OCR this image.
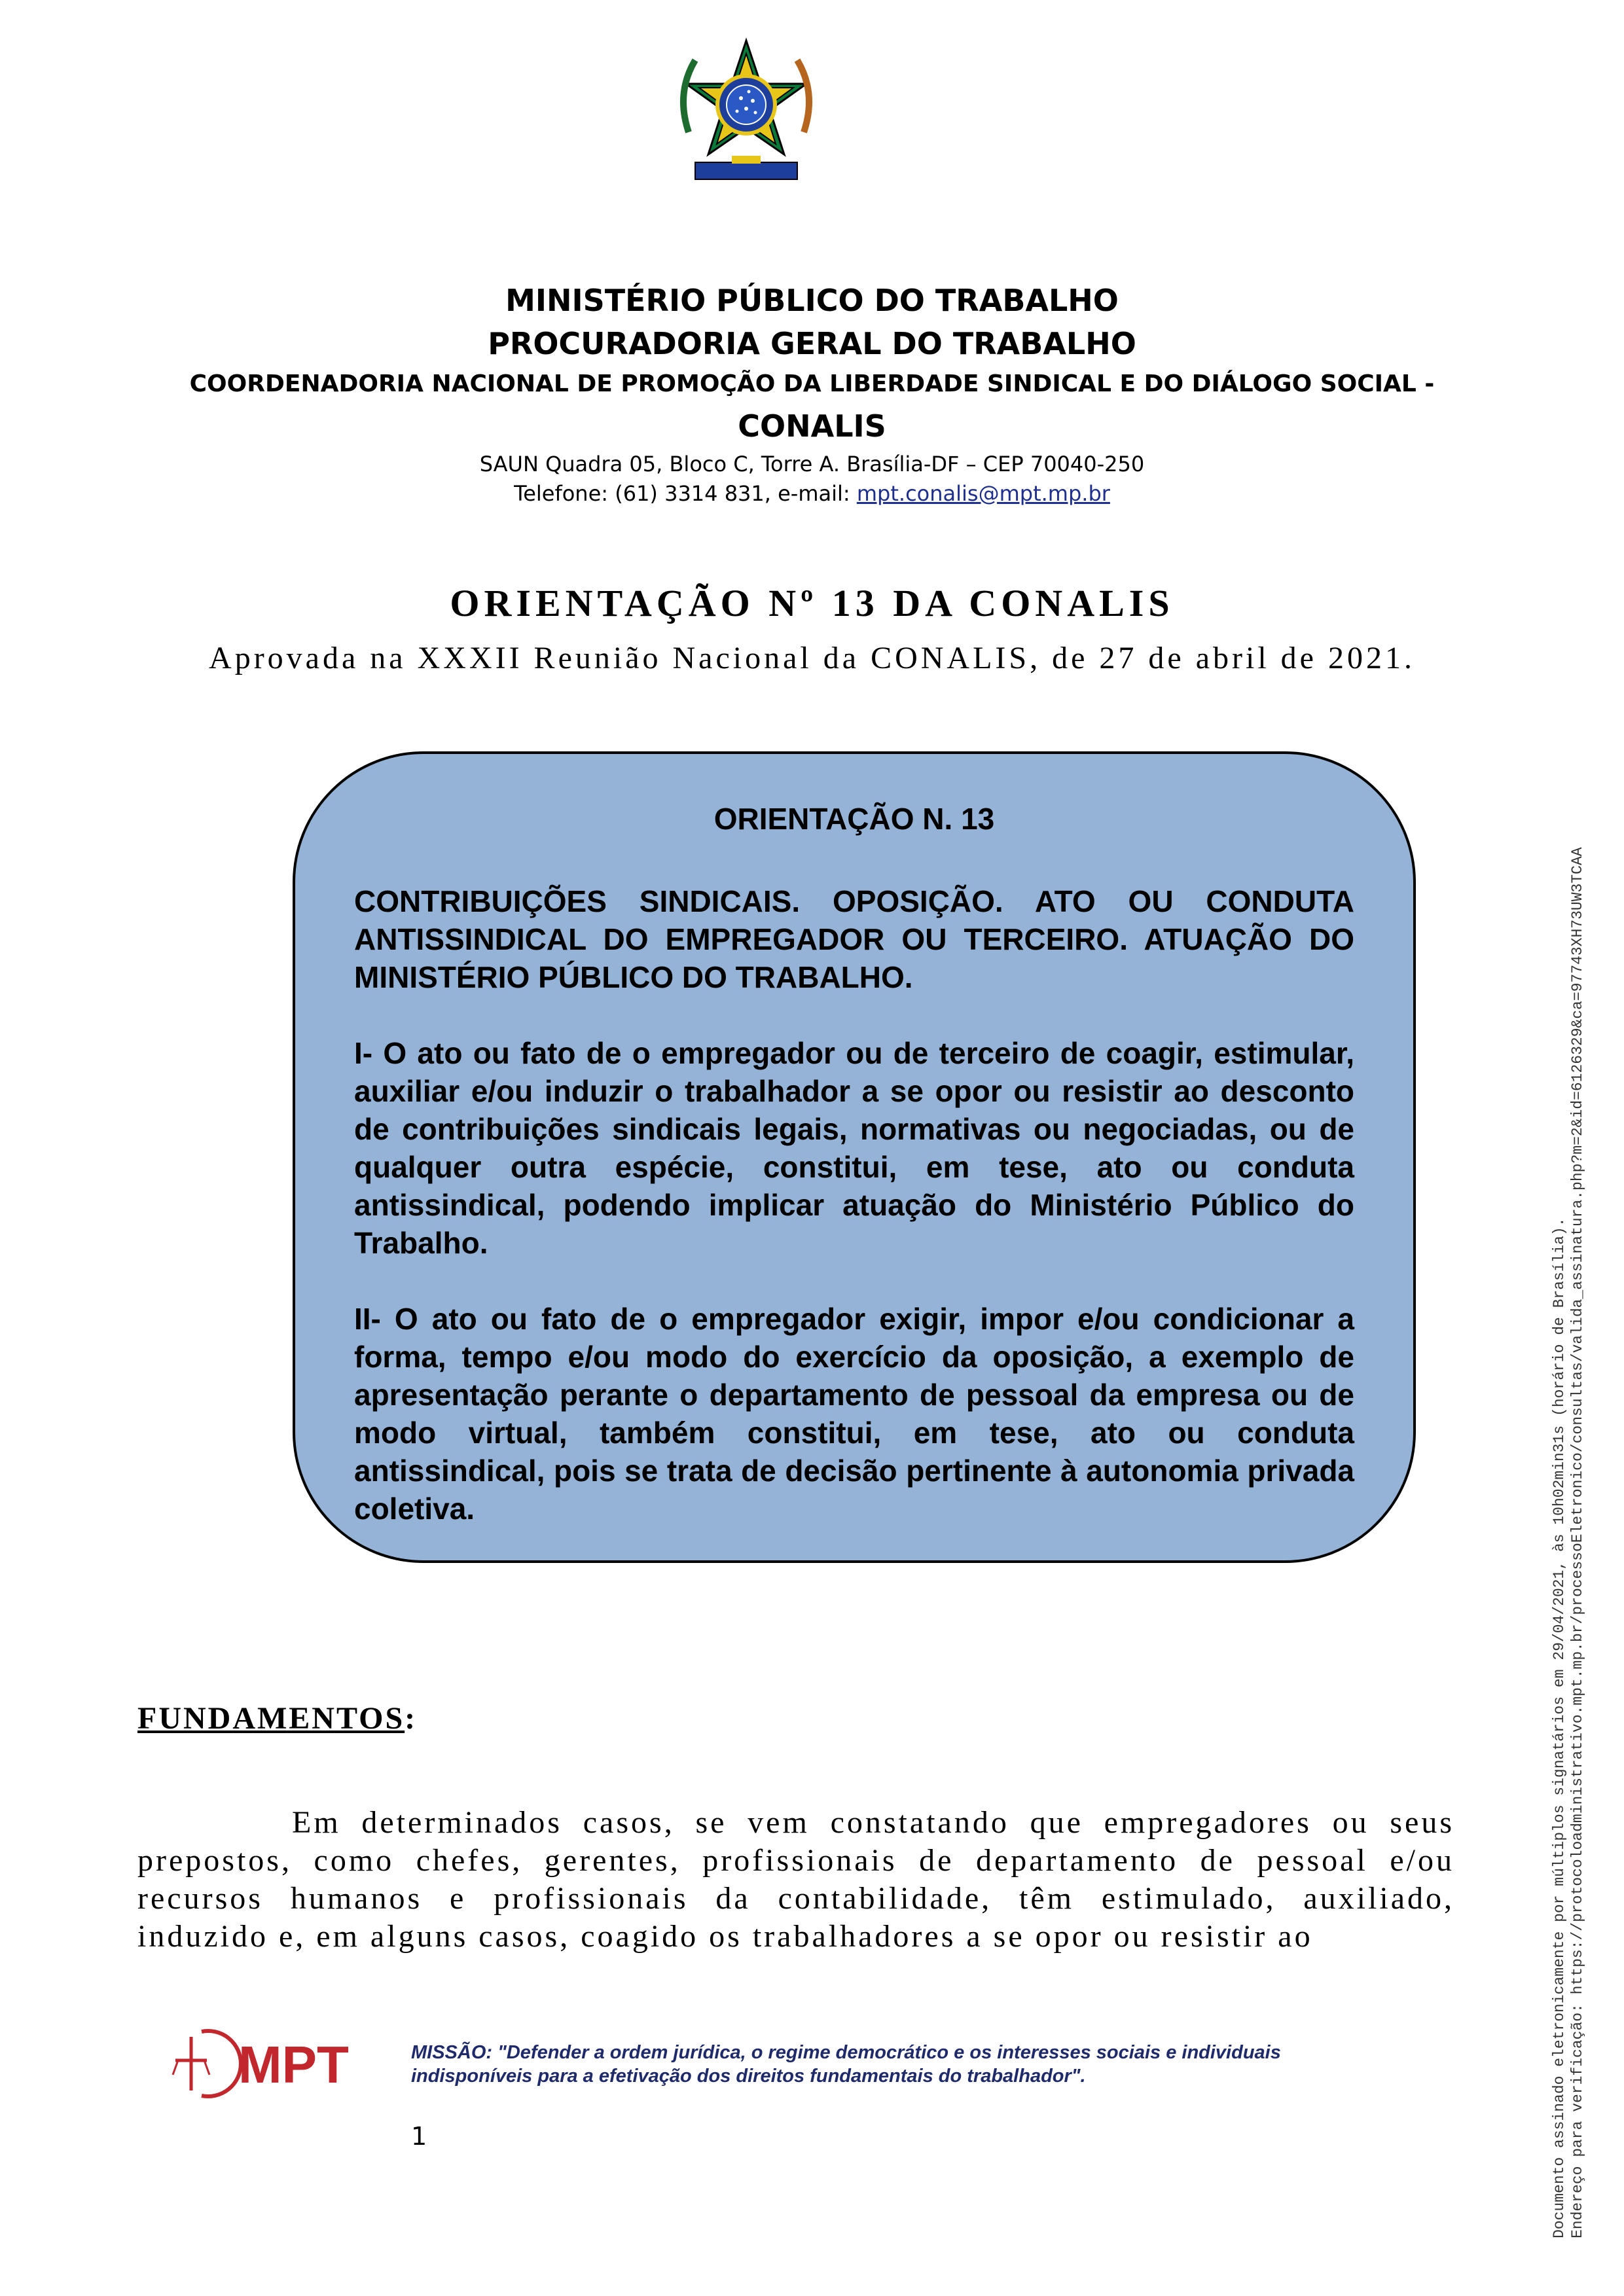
MINISTÉRIO PÚBLICO DO TRABALHO
PROCURADORIA GERAL DO TRABALHO
COORDENADORIA NACIONAL DE PROMOÇÃO DA LIBERDADE SINDICAL E DO DIÁLOGO SOCIAL -
CONALIS
SAUN Quadra 05, Bloco C, Torre A. Brasília-DF – CEP 70040-250
Telefone: (61) 3314 831, e-mail: mpt.conalis@mpt.mp.br
ORIENTAÇÃO Nº 13 DA CONALIS
Aprovada na XXXII Reunião Nacional da CONALIS, de 27 de abril de 2021.
ORIENTAÇÃO N. 13

CONTRIBUIÇÕES SINDICAIS. OPOSIÇÃO. ATO OU CONDUTA ANTISSINDICAL DO EMPREGADOR OU TERCEIRO. ATUAÇÃO DO MINISTÉRIO PÚBLICO DO TRABALHO.

I- O ato ou fato de o empregador ou de terceiro de coagir, estimular, auxiliar e/ou induzir o trabalhador a se opor ou resistir ao desconto de contribuições sindicais legais, normativas ou negociadas, ou de qualquer outra espécie, constitui, em tese, ato ou conduta antissindical, podendo implicar atuação do Ministério Público do Trabalho.

II- O ato ou fato de o empregador exigir, impor e/ou condicionar a forma, tempo e/ou modo do exercício da oposição, a exemplo de apresentação perante o departamento de pessoal da empresa ou de modo virtual, também constitui, em tese, ato ou conduta antissindical, pois se trata de decisão pertinente à autonomia privada coletiva.

FUNDAMENTOS:
Em determinados casos, se vem constatando que empregadores ou seus prepostos, como chefes, gerentes, profissionais de departamento de pessoal e/ou recursos humanos e profissionais da contabilidade, têm estimulado, auxiliado, induzido e, em alguns casos, coagido os trabalhadores a se opor ou resistir ao
MPT	MISSÃO: "Defender a ordem jurídica, o regime democrático e os interesses sociais e individuais
indisponíveis para a efetivação dos direitos fundamentais do trabalhador".
1	Documento assinado eletronicamente por múltiplos signatários em 29/04/2021, às 10h02min31s (horário de Brasília). Endereço para verificação: https://protocoloadministrativo.mpt.mp.br/processoEletronico/consultas/valida_assinatura.php?m=2&id=6126329&ca=97743XH73UW3TCAA
